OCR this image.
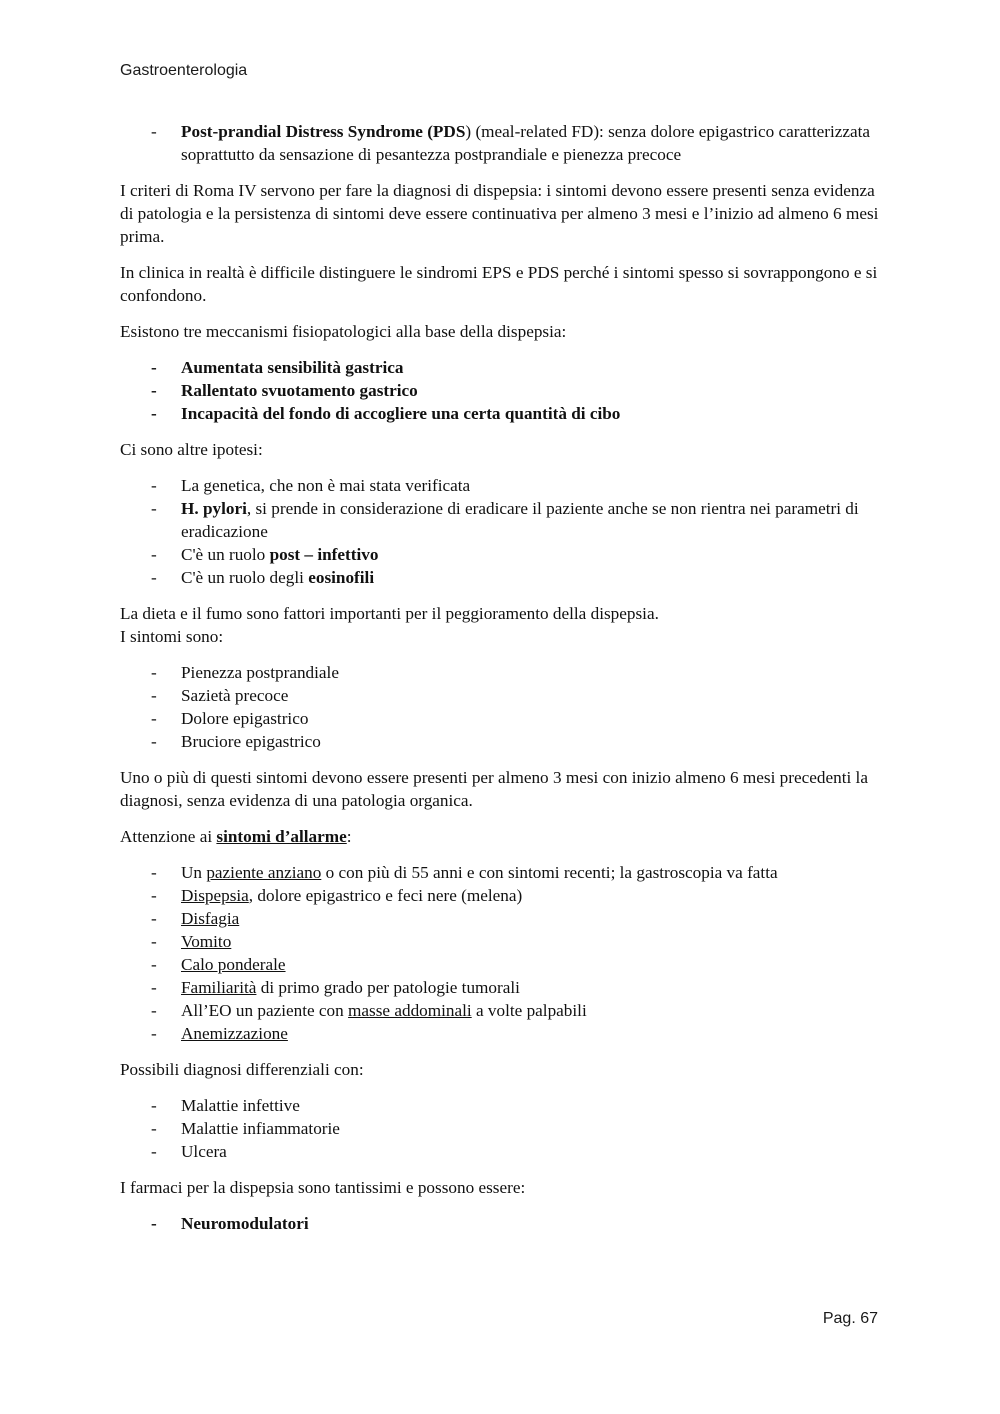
Gastroenterologia
- Post-prandial Distress Syndrome (PDS) (meal-related FD): senza dolore epigastrico caratterizzata soprattutto da sensazione di pesantezza postprandiale e pienezza precoce

I criteri di Roma IV servono per fare la diagnosi di dispepsia: i sintomi devono essere presenti senza evidenza di patologia e la persistenza di sintomi deve essere continuativa per almeno 3 mesi e l’inizio ad almeno 6 mesi prima.

In clinica in realtà è difficile distinguere le sindromi EPS e PDS perché i sintomi spesso si sovrappongono e si confondono.

Esistono tre meccanismi fisiopatologici alla base della dispepsia:

- Aumentata sensibilità gastrica
- Rallentato svuotamento gastrico
- Incapacità del fondo di accogliere una certa quantità di cibo

Ci sono altre ipotesi:

- La genetica, che non è mai stata verificata
- H. pylori, si prende in considerazione di eradicare il paziente anche se non rientra nei parametri di eradicazione
- C'è un ruolo post – infettivo
- C'è un ruolo degli eosinofili

La dieta e il fumo sono fattori importanti per il peggioramento della dispepsia.
I sintomi sono:

- Pienezza postprandiale
- Sazietà precoce
- Dolore epigastrico
- Bruciore epigastrico

Uno o più di questi sintomi devono essere presenti per almeno 3 mesi con inizio almeno 6 mesi precedenti la diagnosi, senza evidenza di una patologia organica.

Attenzione ai sintomi d’allarme:

- Un paziente anziano o con più di 55 anni e con sintomi recenti; la gastroscopia va fatta
- Dispepsia, dolore epigastrico e feci nere (melena)
- Disfagia
- Vomito
- Calo ponderale
- Familiarità di primo grado per patologie tumorali
- All’EO un paziente con masse addominali a volte palpabili
- Anemizzazione

Possibili diagnosi differenziali con:

- Malattie infettive
- Malattie infiammatorie
- Ulcera

I farmaci per la dispepsia sono tantissimi e possono essere:

- Neuromodulatori
Pag. 67
